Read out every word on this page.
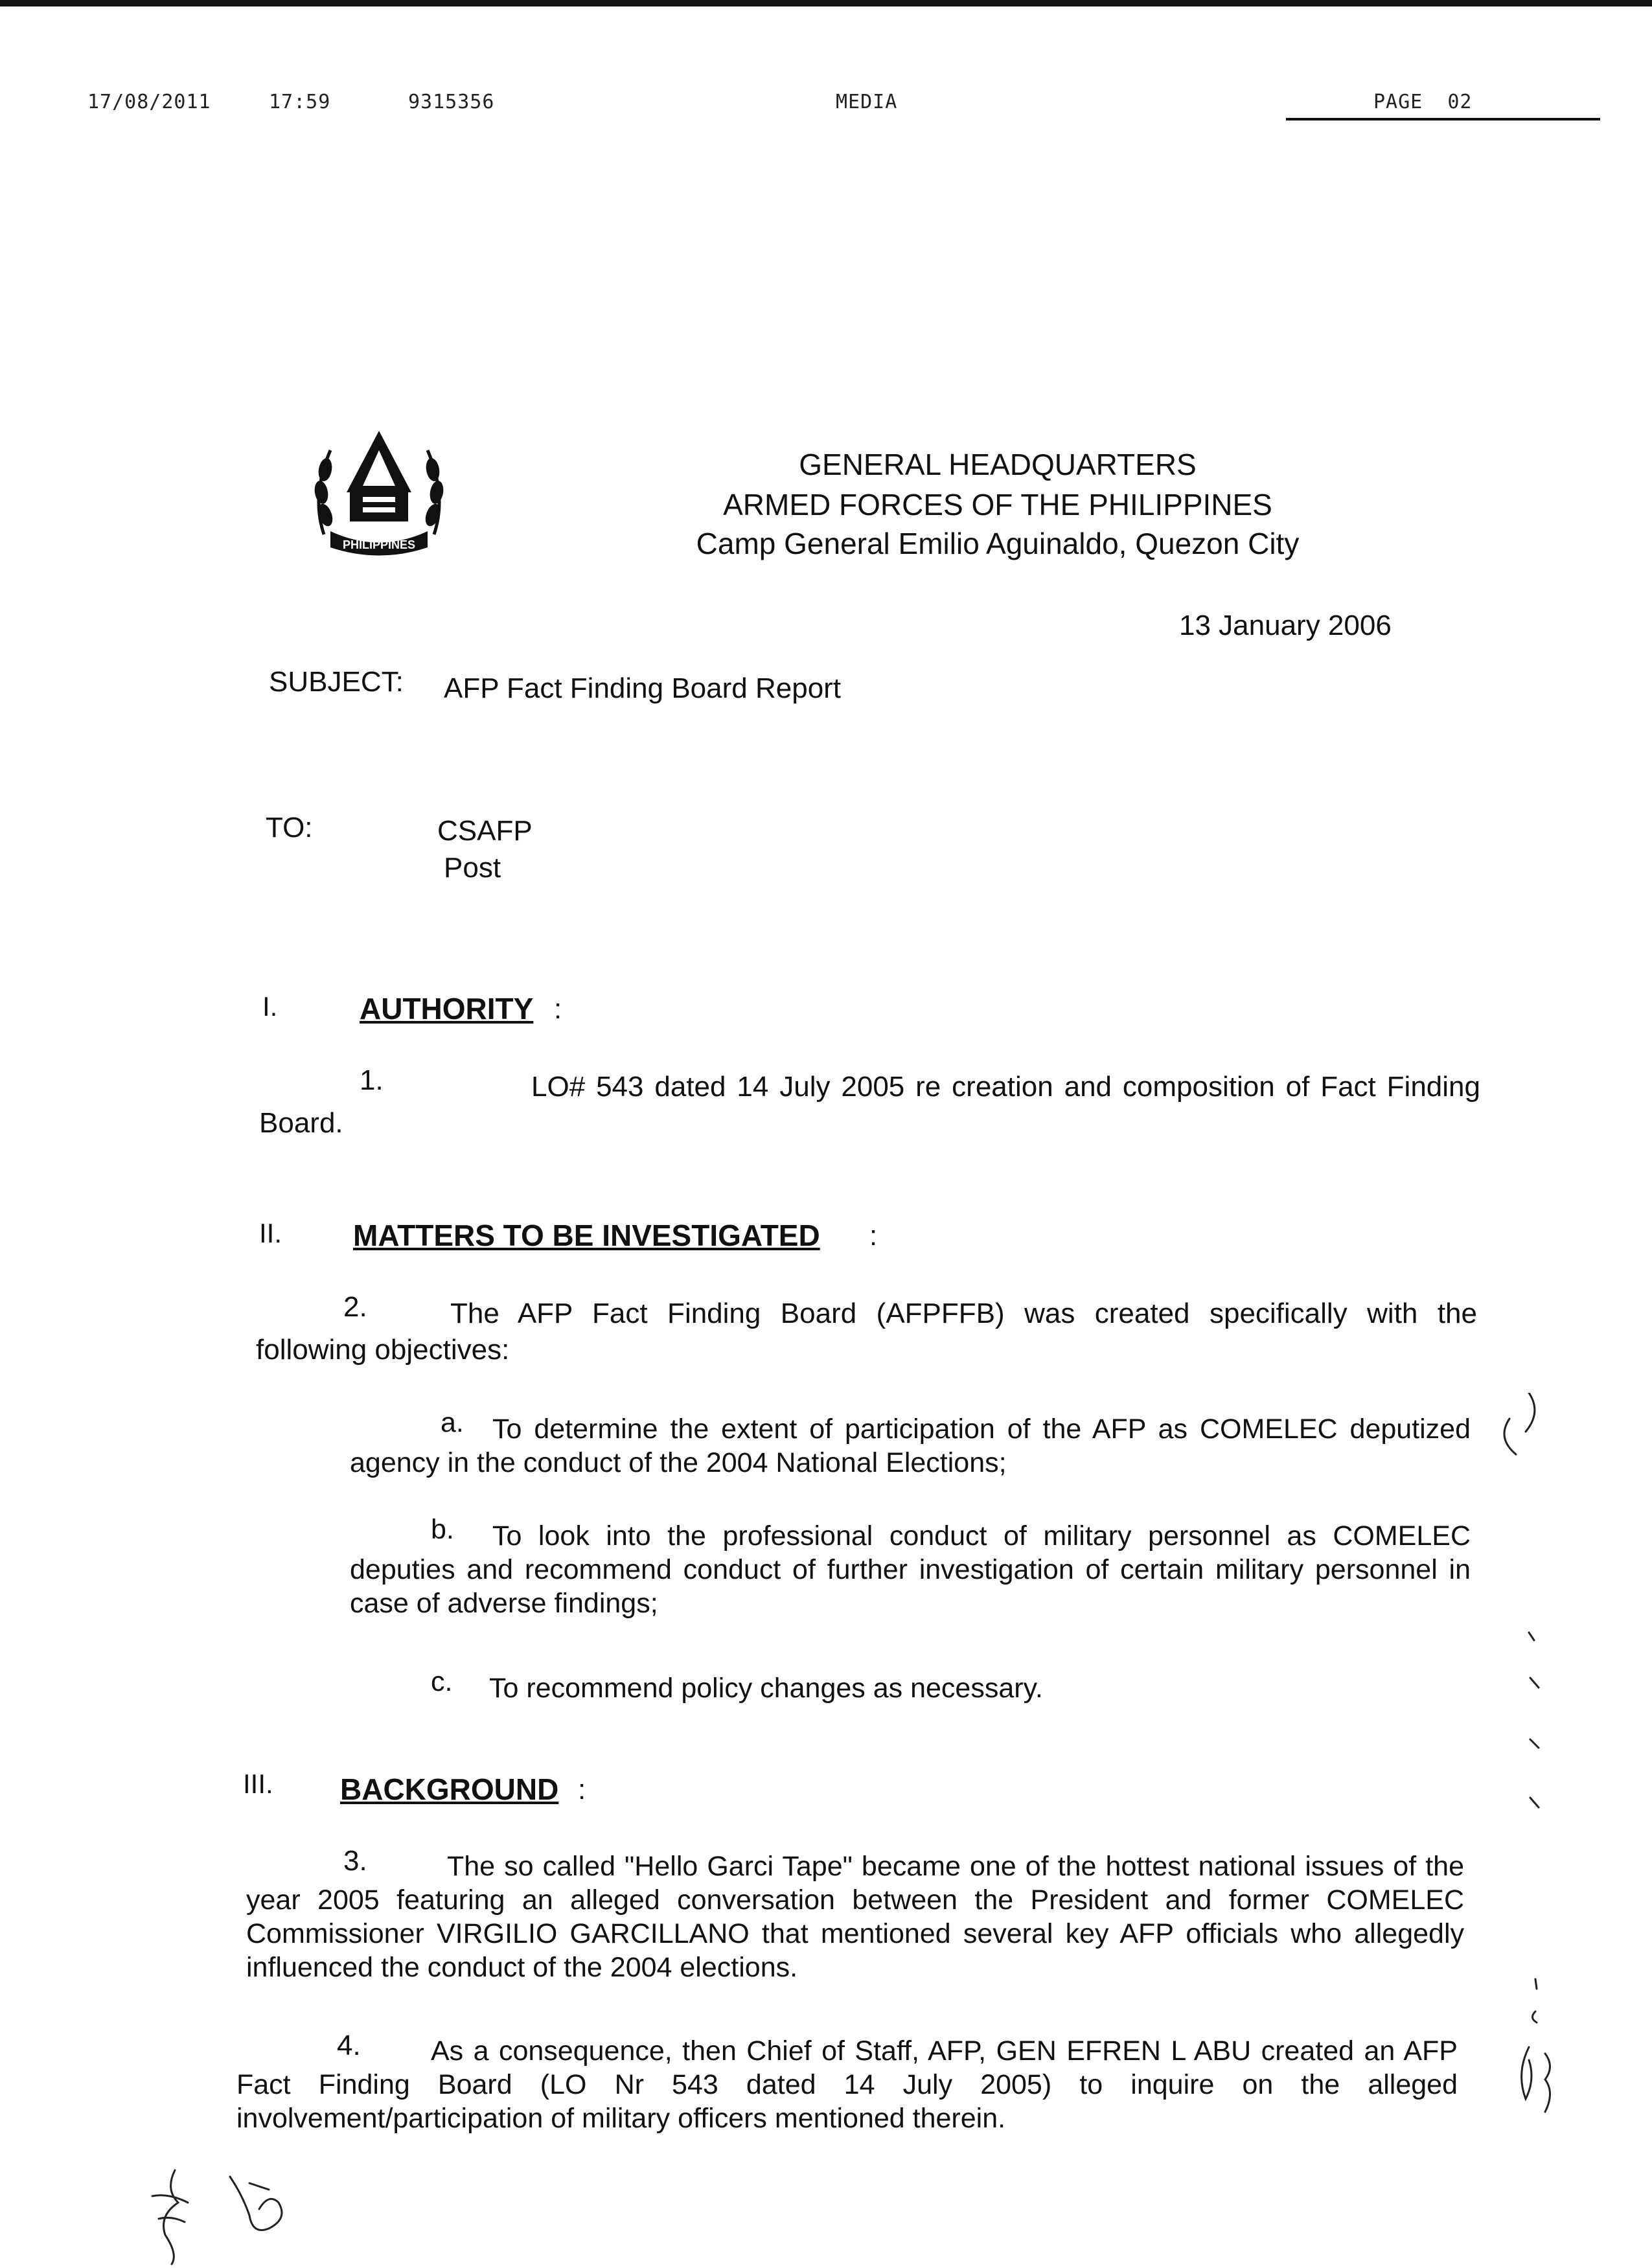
17/08/2011	17:59	9315356	MEDIA	PAGE  02
PHILIPPINES
GENERAL HEADQUARTERS
ARMED FORCES OF THE PHILIPPINES
Camp General Emilio Aguinaldo, Quezon City
13 January 2006
SUBJECT: AFP Fact Finding Board Report
TO:	CSAFP
Post
I.	AUTHORITY :
1.	LO# 543 dated 14 July 2005 re creation and composition of Fact Finding Board.
II. MATTERS TO BE INVESTIGATED :
2.	The AFP Fact Finding Board (AFPFFB) was created specifically with the following objectives:
a.	To determine the extent of participation of the AFP as COMELEC deputized agency in the conduct of the 2004 National Elections;
b.	To look into the professional conduct of military personnel as COMELEC deputies and recommend conduct of further investigation of certain military personnel in case of adverse findings;
c. To recommend policy changes as necessary.
III. BACKGROUND :
3.	The so called "Hello Garci Tape" became one of the hottest national issues of the year 2005 featuring an alleged conversation between the President and former COMELEC Commissioner VIRGILIO GARCILLANO that mentioned several key AFP officials who allegedly influenced the conduct of the 2004 elections.
4.	As a consequence, then Chief of Staff, AFP, GEN EFREN L ABU created an AFP Fact Finding Board (LO Nr 543 dated 14 July 2005) to inquire on the alleged involvement/participation of military officers mentioned therein.
